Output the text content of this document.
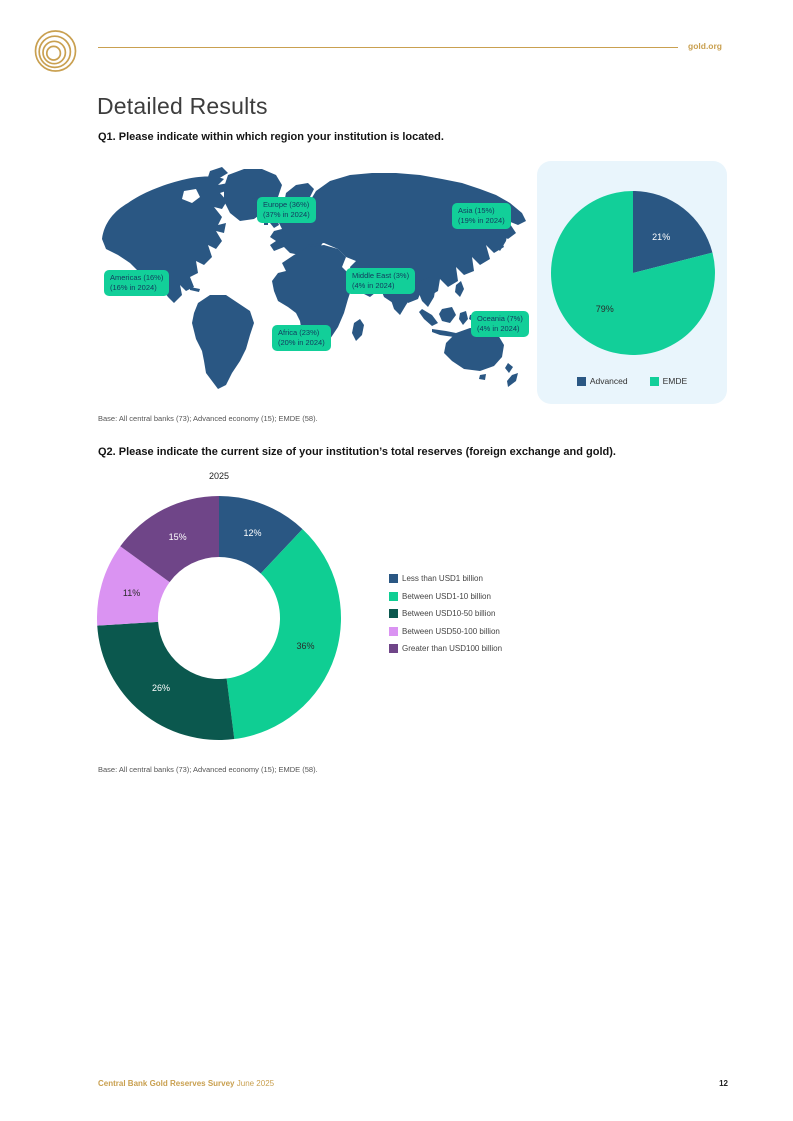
gold.org
Detailed Results
Q1. Please indicate within which region your institution is located.
Europe (36%)
(37% in 2024)	Asia (15%)
(19% in 2024)
Americas (16%)
(16% in 2024)
Middle East (3%)
(4% in 2024)
Africa (23%)
(20% in 2024)
Oceania (7%)
(4% in 2024)
21%
79%
Advanced	EMDE
Base: All central banks (73); Advanced economy (15); EMDE (58).
Q2. Please indicate the current size of your institution’s total reserves (foreign exchange and gold).
2025
12%
36%
26%
11%
15%
Less than USD1 billion
Between USD1-10 billion
Between USD10-50 billion
Between USD50-100 billion
Greater than USD100 billion
Base: All central banks (73); Advanced economy (15); EMDE (58).
Central Bank Gold Reserves Survey June 2025	12
